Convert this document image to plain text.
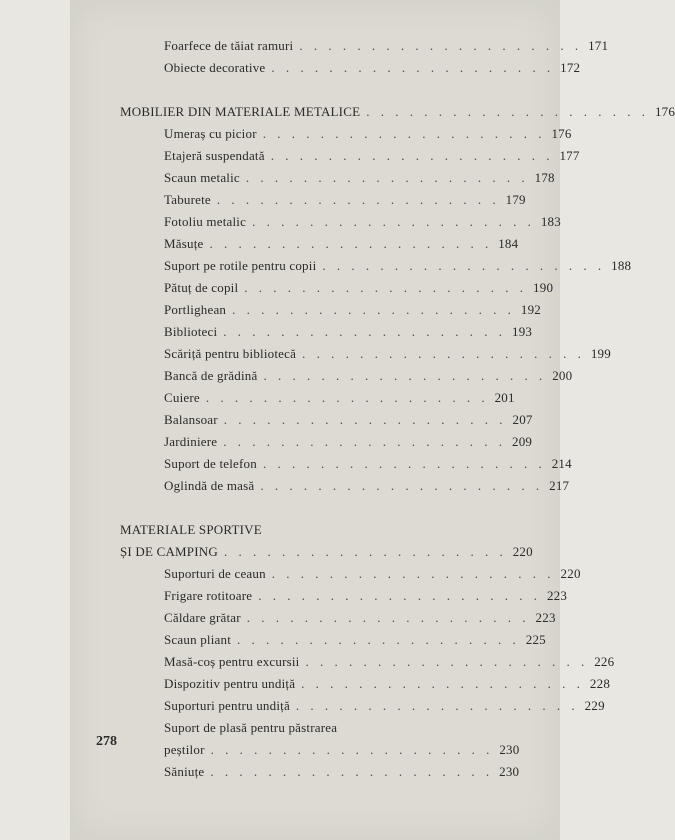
Foarfece de tăiat ramuri . . . . . . . . . . . . . . . . . . . . 171
Obiecte decorative . . . . . . . . . . . . . . . . . . . . 172
MOBILIER DIN MATERIALE METALICE . . . . . . . . . . . . . . . . . . . . 176
Umeraș cu picior . . . . . . . . . . . . . . . . . . . . 176
Etajeră suspendată . . . . . . . . . . . . . . . . . . . . 177
Scaun metalic . . . . . . . . . . . . . . . . . . . . 178
Taburete . . . . . . . . . . . . . . . . . . . . 179
Fotoliu metalic . . . . . . . . . . . . . . . . . . . . 183
Măsuțe . . . . . . . . . . . . . . . . . . . . 184
Suport pe rotile pentru copii . . . . . . . . . . . . . . . . . . . . 188
Pătuț de copil . . . . . . . . . . . . . . . . . . . . 190
Portlighean . . . . . . . . . . . . . . . . . . . . 192
Biblioteci . . . . . . . . . . . . . . . . . . . . 193
Scăriță pentru bibliotecă . . . . . . . . . . . . . . . . . . . . 199
Bancă de grădină . . . . . . . . . . . . . . . . . . . . 200
Cuiere . . . . . . . . . . . . . . . . . . . . 201
Balansoar . . . . . . . . . . . . . . . . . . . . 207
Jardiniere . . . . . . . . . . . . . . . . . . . . 209
Suport de telefon . . . . . . . . . . . . . . . . . . . . 214
Oglindă de masă . . . . . . . . . . . . . . . . . . . . 217
MATERIALE SPORTIVE
ȘI DE CAMPING . . . . . . . . . . . . . . . . . . . . 220
Suporturi de ceaun . . . . . . . . . . . . . . . . . . . . 220
Frigare rotitoare . . . . . . . . . . . . . . . . . . . . 223
Căldare grătar . . . . . . . . . . . . . . . . . . . . 223
Scaun pliant . . . . . . . . . . . . . . . . . . . . 225
Masă-coș pentru excursii . . . . . . . . . . . . . . . . . . . . 226
Dispozitiv pentru undiță . . . . . . . . . . . . . . . . . . . . 228
Suporturi pentru undiță . . . . . . . . . . . . . . . . . . . . 229
Suport de plasă pentru păstrarea
peștilor . . . . . . . . . . . . . . . . . . . . 230
Săniuțe . . . . . . . . . . . . . . . . . . . . 230
278
